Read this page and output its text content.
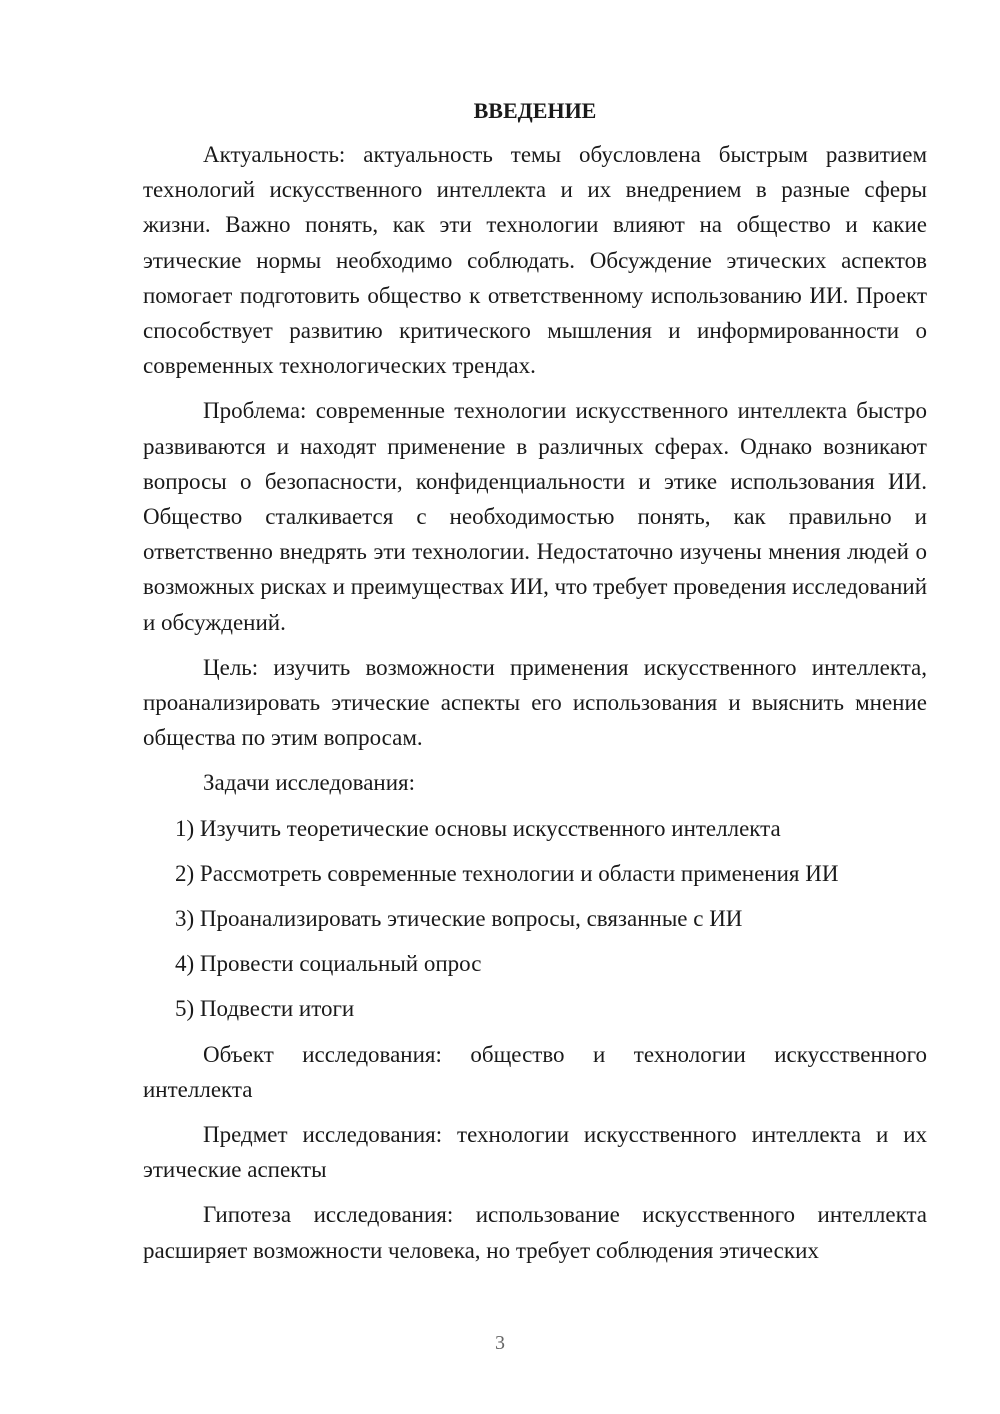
ВВЕДЕНИЕ

Актуальность: актуальность темы обусловлена быстрым развитием технологий искусственного интеллекта и их внедрением в разные сферы жизни. Важно понять, как эти технологии влияют на общество и какие этические нормы необходимо соблюдать. Обсуждение этических аспектов помогает подготовить общество к ответственному использованию ИИ. Проект способствует развитию критического мышления и информированности о современных технологических трендах.

Проблема: современные технологии искусственного интеллекта быстро развиваются и находят применение в различных сферах. Однако возникают вопросы о безопасности, конфиденциальности и этике использования ИИ. Общество сталкивается с необходимостью понять, как правильно и ответственно внедрять эти технологии. Недостаточно изучены мнения людей о возможных рисках и преимуществах ИИ, что требует проведения исследований и обсуждений.

Цель: изучить возможности применения искусственного интеллекта, проанализировать этические аспекты его использования и выяснить мнение общества по этим вопросам.

Задачи исследования:

1) Изучить теоретические основы искусственного интеллекта
2) Рассмотреть современные технологии и области применения ИИ
3) Проанализировать этические вопросы, связанные с ИИ
4) Провести социальный опрос
5) Подвести итоги

Объект исследования: общество и технологии искусственного интеллекта

Предмет исследования: технологии искусственного интеллекта и их этические аспекты

Гипотеза исследования: использование искусственного интеллекта расширяет возможности человека, но требует соблюдения этических

3
